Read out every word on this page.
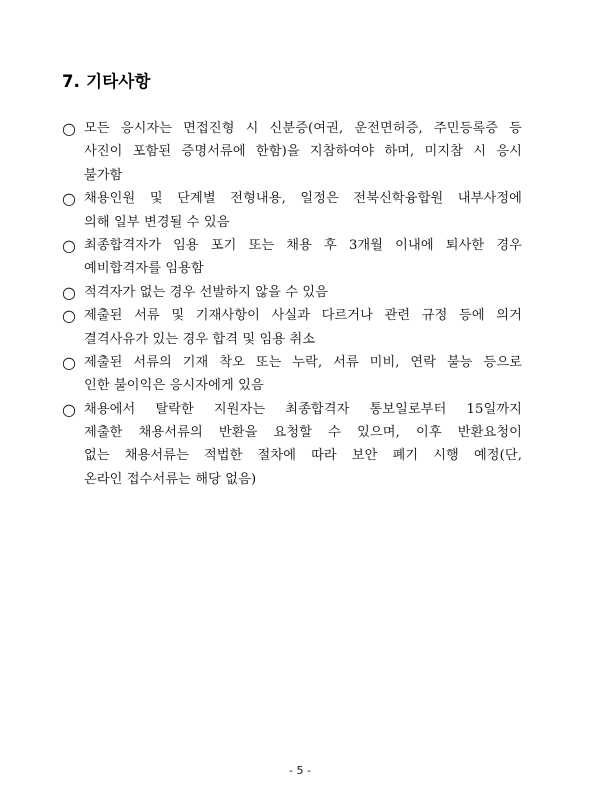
7. 기타사항
○ 모든 응시자는 면접진형 시 신분증(여권, 운전면허증, 주민등록증 등
사진이 포함된 증명서류에 한함)을 지참하여야 하며, 미지참 시 응시
불가함
○ 채용인원 및 단계별 전형내용, 일정은 전북신학융합원 내부사정에
의해 일부 변경될 수 있음
○ 최종합격자가 임용 포기 또는 채용 후 3개월 이내에 퇴사한 경우
예비합격자를 임용함
○ 적격자가 없는 경우 선발하지 않을 수 있음
○ 제출된 서류 및 기재사항이 사실과 다르거나 관련 규정 등에 의거
결격사유가 있는 경우 합격 및 임용 취소
○ 제출된 서류의 기재 착오 또는 누락, 서류 미비, 연락 불능 등으로
인한 불이익은 응시자에게 있음
○ 채용에서 탈락한 지원자는 최종합격자 통보일로부터 15일까지
제출한 채용서류의 반환을 요청할 수 있으며, 이후 반환요청이
없는 채용서류는 적법한 절차에 따라 보안 폐기 시행 예정(단,
온라인 접수서류는 해당 없음)
- 5 -
